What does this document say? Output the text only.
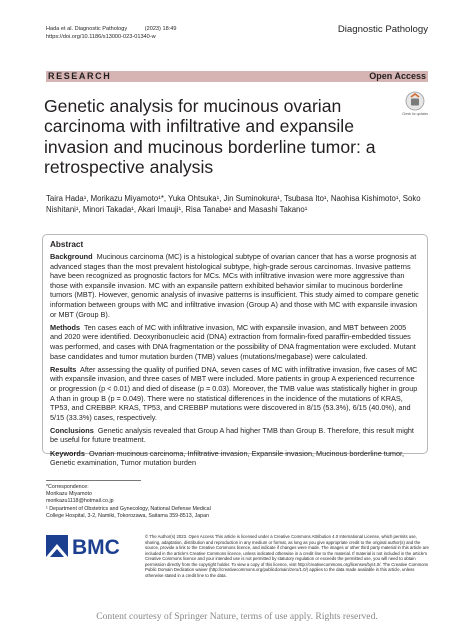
Hada et al. Diagnostic Pathology	(2023) 18:49
https://doi.org/10.1186/s13000-023-01340-w
Diagnostic Pathology
RESEARCH	Open Access
Genetic analysis for mucinous ovarian carcinoma with infiltrative and expansile invasion and mucinous borderline tumor: a retrospective analysis
Check for updates
Taira Hada¹, Morikazu Miyamoto¹*, Yuka Ohtsuka¹, Jin Suminokura¹, Tsubasa Ito¹, Naohisa Kishimoto¹, Soko Nishitani¹, Minori Takada¹, Akari Imauji¹, Risa Tanabe¹ and Masashi Takano¹
Abstract

Background Mucinous carcinoma (MC) is a histological subtype of ovarian cancer that has a worse prognosis at advanced stages than the most prevalent histological subtype, high-grade serous carcinomas. Invasive patterns have been recognized as prognostic factors for MCs. MCs with infiltrative invasion were more aggressive than those with expansile invasion. MC with an expansile pattern exhibited behavior similar to mucinous borderline tumors (MBT). However, genomic analysis of invasive patterns is insufficient. This study aimed to compare genetic information between groups with MC and infiltrative invasion (Group A) and those with MC with expansile invasion or MBT (Group B).

Methods Ten cases each of MC with infiltrative invasion, MC with expansile invasion, and MBT between 2005 and 2020 were identified. Deoxyribonucleic acid (DNA) extraction from formalin-fixed paraffin-embedded tissues was performed, and cases with DNA fragmentation or the possibility of DNA fragmentation were excluded. Mutant base candidates and tumor mutation burden (TMB) values (mutations/megabase) were calculated.

Results After assessing the quality of purified DNA, seven cases of MC with infiltrative invasion, five cases of MC with expansile invasion, and three cases of MBT were included. More patients in group A experienced recurrence or progression (p < 0.01) and died of disease (p = 0.03). Moreover, the TMB value was statistically higher in group A than in group B (p = 0.049). There were no statistical differences in the incidence of the mutations of KRAS, TP53, and CREBBP. KRAS, TP53, and CREBBP mutations were discovered in 8/15 (53.3%), 6/15 (40.0%), and 5/15 (33.3%) cases, respectively.

Conclusions Genetic analysis revealed that Group A had higher TMB than Group B. Therefore, this result might be useful for future treatment.

Keywords Ovarian mucinous carcinoma, Infiltrative invasion, Expansile invasion, Mucinous borderline tumor, Genetic examination, Tumor mutation burden

*Correspondence:
Morikazu Miyamoto
morikazu1118@hotmail.co.jp
¹ Department of Obstetrics and Gynecology, National Defense Medical
College Hospital, 3-2, Namiki, Tokorozawa, Saitama 359-8513, Japan
BMC	© The Author(s) 2023. Open Access This article is licensed under a Creative Commons Attribution 4.0 International License, which permits use, sharing, adaptation, distribution and reproduction in any medium or format, as long as you give appropriate credit to the original author(s) and the source, provide a link to the Creative Commons licence, and indicate if changes were made. The images or other third party material in this article are included in the article's Creative Commons licence, unless indicated otherwise in a credit line to the material. If material is not included in the article's Creative Commons licence and your intended use is not permitted by statutory regulation or exceeds the permitted use, you will need to obtain permission directly from the copyright holder. To view a copy of this licence, visit http://creativecommons.org/licenses/by/4.0/. The Creative Commons Public Domain Dedication waiver (http://creativecommons.org/publicdomain/zero/1.0/) applies to the data made available in this article, unless otherwise stated in a credit line to the data.
Content courtesy of Springer Nature, terms of use apply. Rights reserved.
